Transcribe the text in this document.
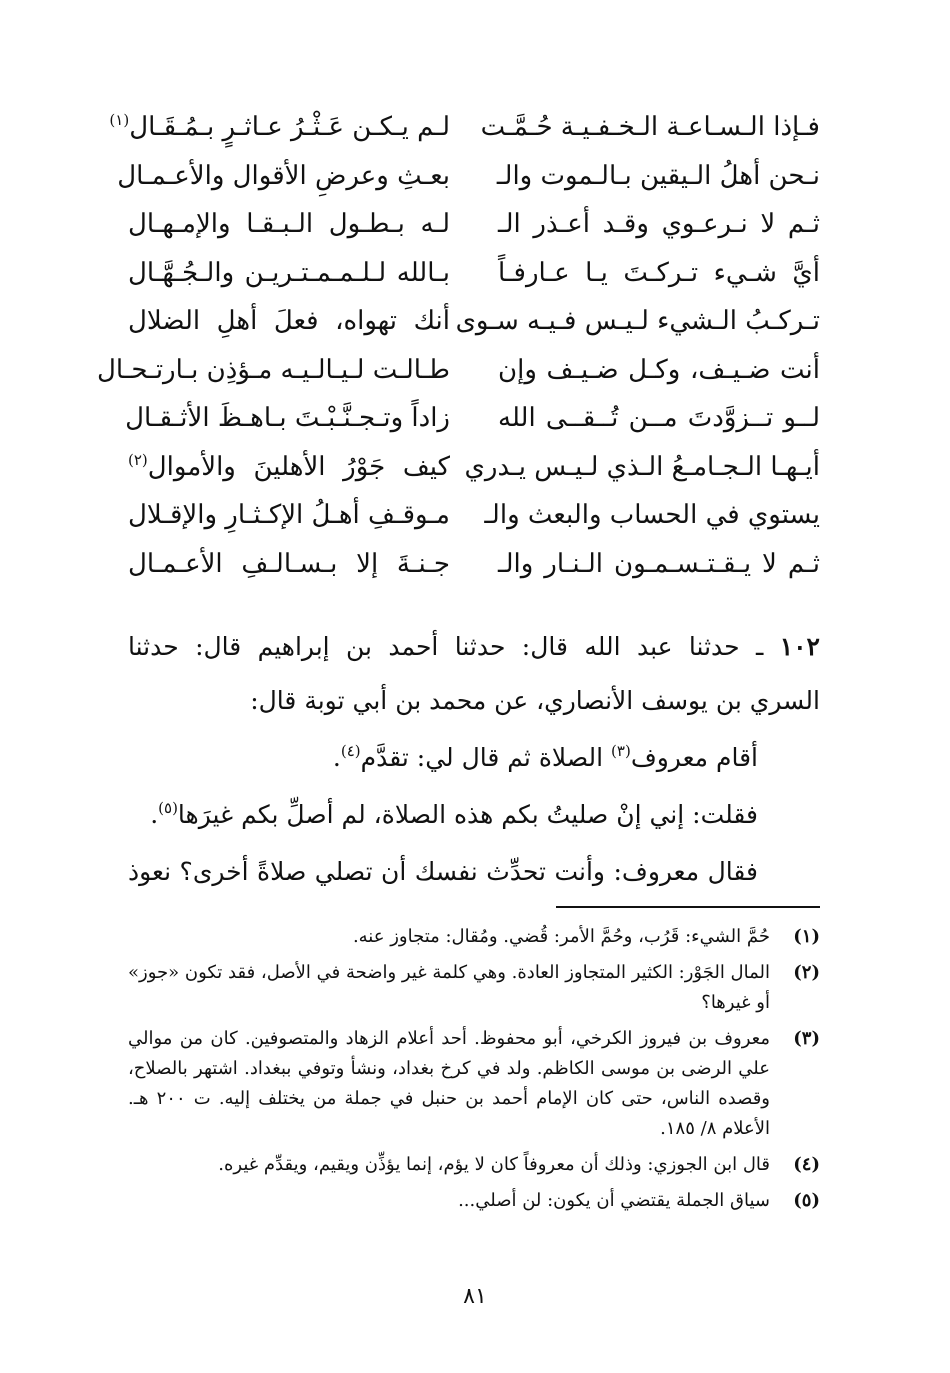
فـإذا الـسـاعـة الـخـفـيـة حُـمَّـت
لـم يـكـن عَـثْـرُ عـاثـرٍ بـمُـقَـال$^{(١)}$
نـحن أهلُ الـيقين بـالـموت والـ
بعـثِ وعرضِ الأقوال والأعـمـال
ثـم لا نـرعـوي وقـد أعـذر الـ
لـه بـطـول الـبـقـا والإمـهـال
أيَّ شـيء تـركـتَ يـا عـارفـاً
بـالله لـلـمـمـتـريـن والـجُـهَّـال
تـركـبُ الـشيء لـيـس فـيـه سـوى
أنك تهواه، فعلَ أهلِ الضلال
أنت ضـيـف، وكـل ضـيـف وإن
طـالـت لـيـالـيـه مـؤذِن بـارتـحـال
لــو تــزوَّدتَ مــن تُــقــى الله
زاداً وتـجـنَّـبْـتَ بـاهـظَ الأثـقـال
أيـهـا الـجـامـعُ الـذي لـيـس يـدري
كيف جَوْرُ الأهلينَ والأموال$^{(٢)}$
يستوي في الحساب والبعث والـ
مـوقـفِ أهـلُ الإكـثـارِ والإقـلال
ثـم لا يـقـتـسـمـون الـنـار والـ
جـنـةَ إلا بـسـالـفِ الأعـمـال
١٠٢ ـ حدثنا عبد الله قال: حدثنا أحمد بن إبراهيم قال: حدثنا
السري بن يوسف الأنصاري، عن محمد بن أبي توبة قال:
أقام معروف$^{(٣)}$ الصلاة ثم قال لي: تقدَّم$^{(٤)}$.
فقلت: إني إنْ صليتُ بكم هذه الصلاة، لم أصلِّ بكم غيرَها$^{(٥)}$.
فقال معروف: وأنت تحدِّث نفسك أن تصلي صلاةً أخرى؟ نعوذ
(١)
حُمَّ الشيء: قَرُب، وحُمَّ الأمر: قُضي. ومُقال: متجاوز عنه.
(٢)
المال الجَوْر: الكثير المتجاوز العادة. وهي كلمة غير واضحة في الأصل، فقد تكون «جوز» أو غيرها؟
(٣)
معروف بن فيروز الكرخي، أبو محفوظ. أحد أعلام الزهاد والمتصوفين. كان من موالي علي الرضى بن موسى الكاظم. ولد في كرخ بغداد، ونشأ وتوفي ببغداد. اشتهر بالصلاح، وقصده الناس، حتى كان الإمام أحمد بن حنبل في جملة من يختلف إليه. ت ٢٠٠ هـ. الأعلام ٨/ ١٨٥.
(٤)
قال ابن الجوزي: وذلك أن معروفاً كان لا يؤم، إنما يؤذِّن ويقيم، ويقدِّم غيره.
(٥)
سياق الجملة يقتضي أن يكون: لن أصلي...
٨١
